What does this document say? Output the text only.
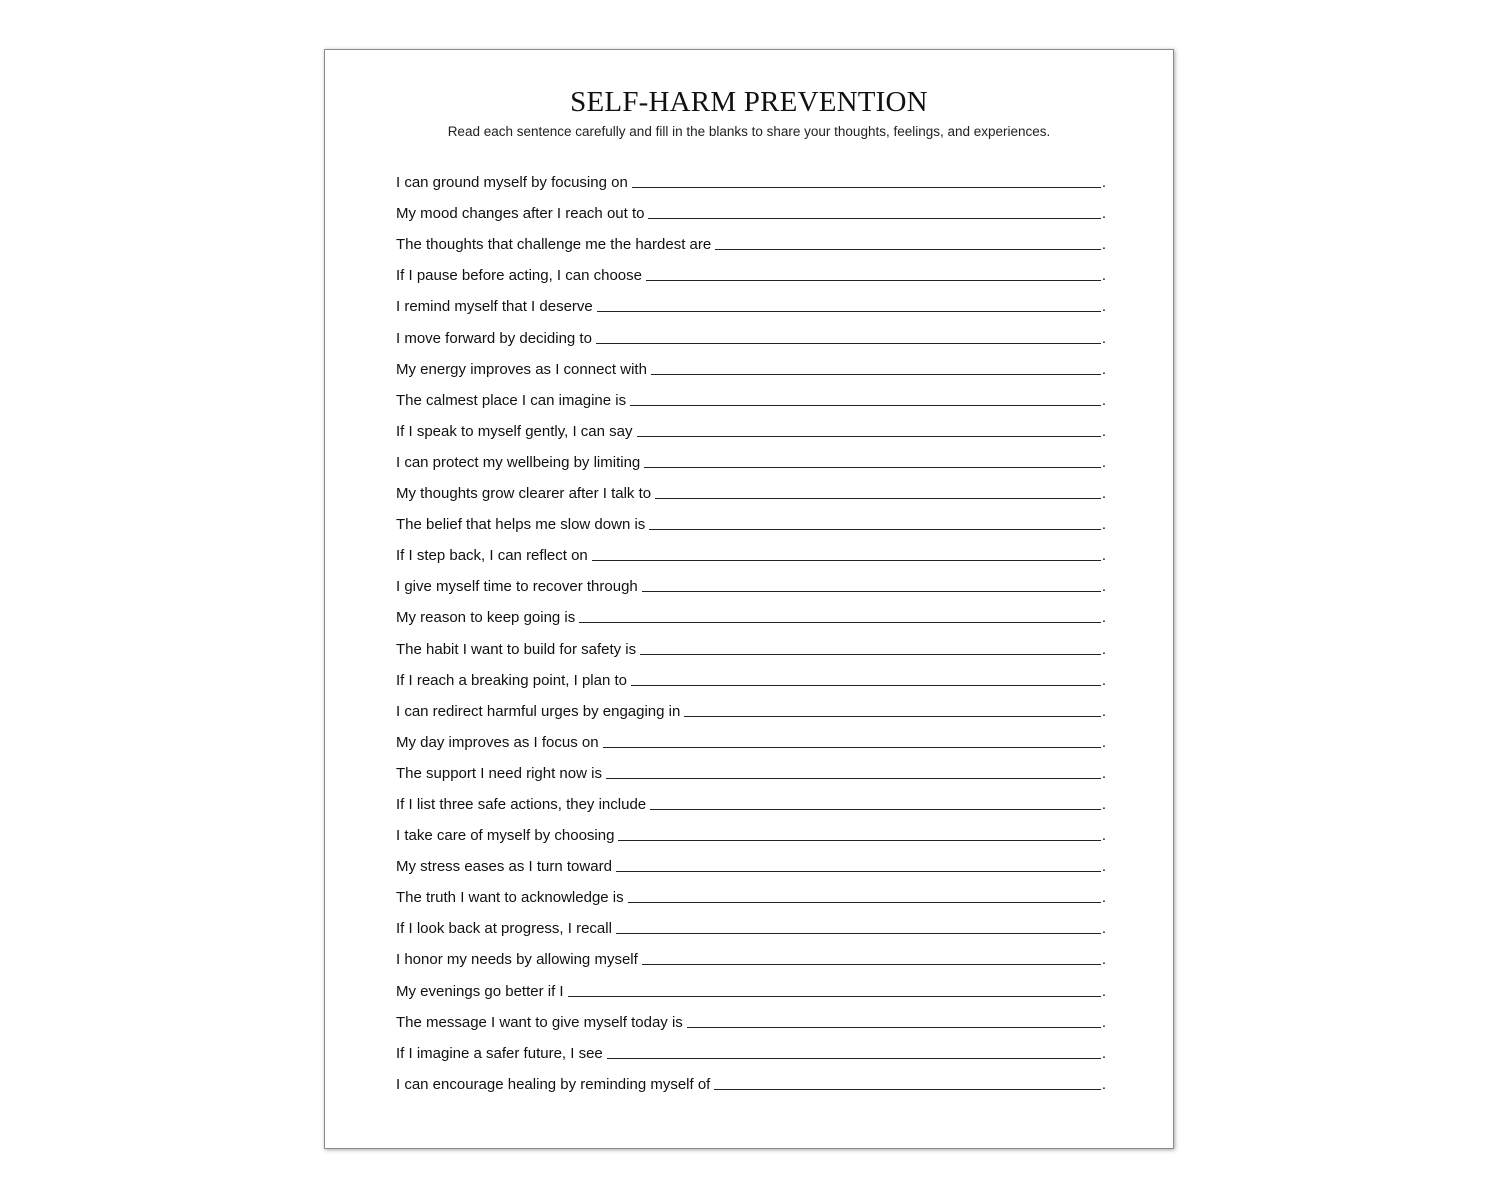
SELF-HARM PREVENTION
Read each sentence carefully and fill in the blanks to share your thoughts, feelings, and experiences.
I can ground myself by focusing on	.
My mood changes after I reach out to	.
The thoughts that challenge me the hardest are	.
If I pause before acting, I can choose	.
I remind myself that I deserve	.
I move forward by deciding to	.
My energy improves as I connect with	.
The calmest place I can imagine is	.
If I speak to myself gently, I can say	.
I can protect my wellbeing by limiting	.
My thoughts grow clearer after I talk to	.
The belief that helps me slow down is	.
If I step back, I can reflect on	.
I give myself time to recover through	.
My reason to keep going is	.
The habit I want to build for safety is	.
If I reach a breaking point, I plan to	.
I can redirect harmful urges by engaging in	.
My day improves as I focus on	.
The support I need right now is	.
If I list three safe actions, they include	.
I take care of myself by choosing	.
My stress eases as I turn toward	.
The truth I want to acknowledge is	.
If I look back at progress, I recall	.
I honor my needs by allowing myself	.
My evenings go better if I	.
The message I want to give myself today is	.
If I imagine a safer future, I see	.
I can encourage healing by reminding myself of	.
